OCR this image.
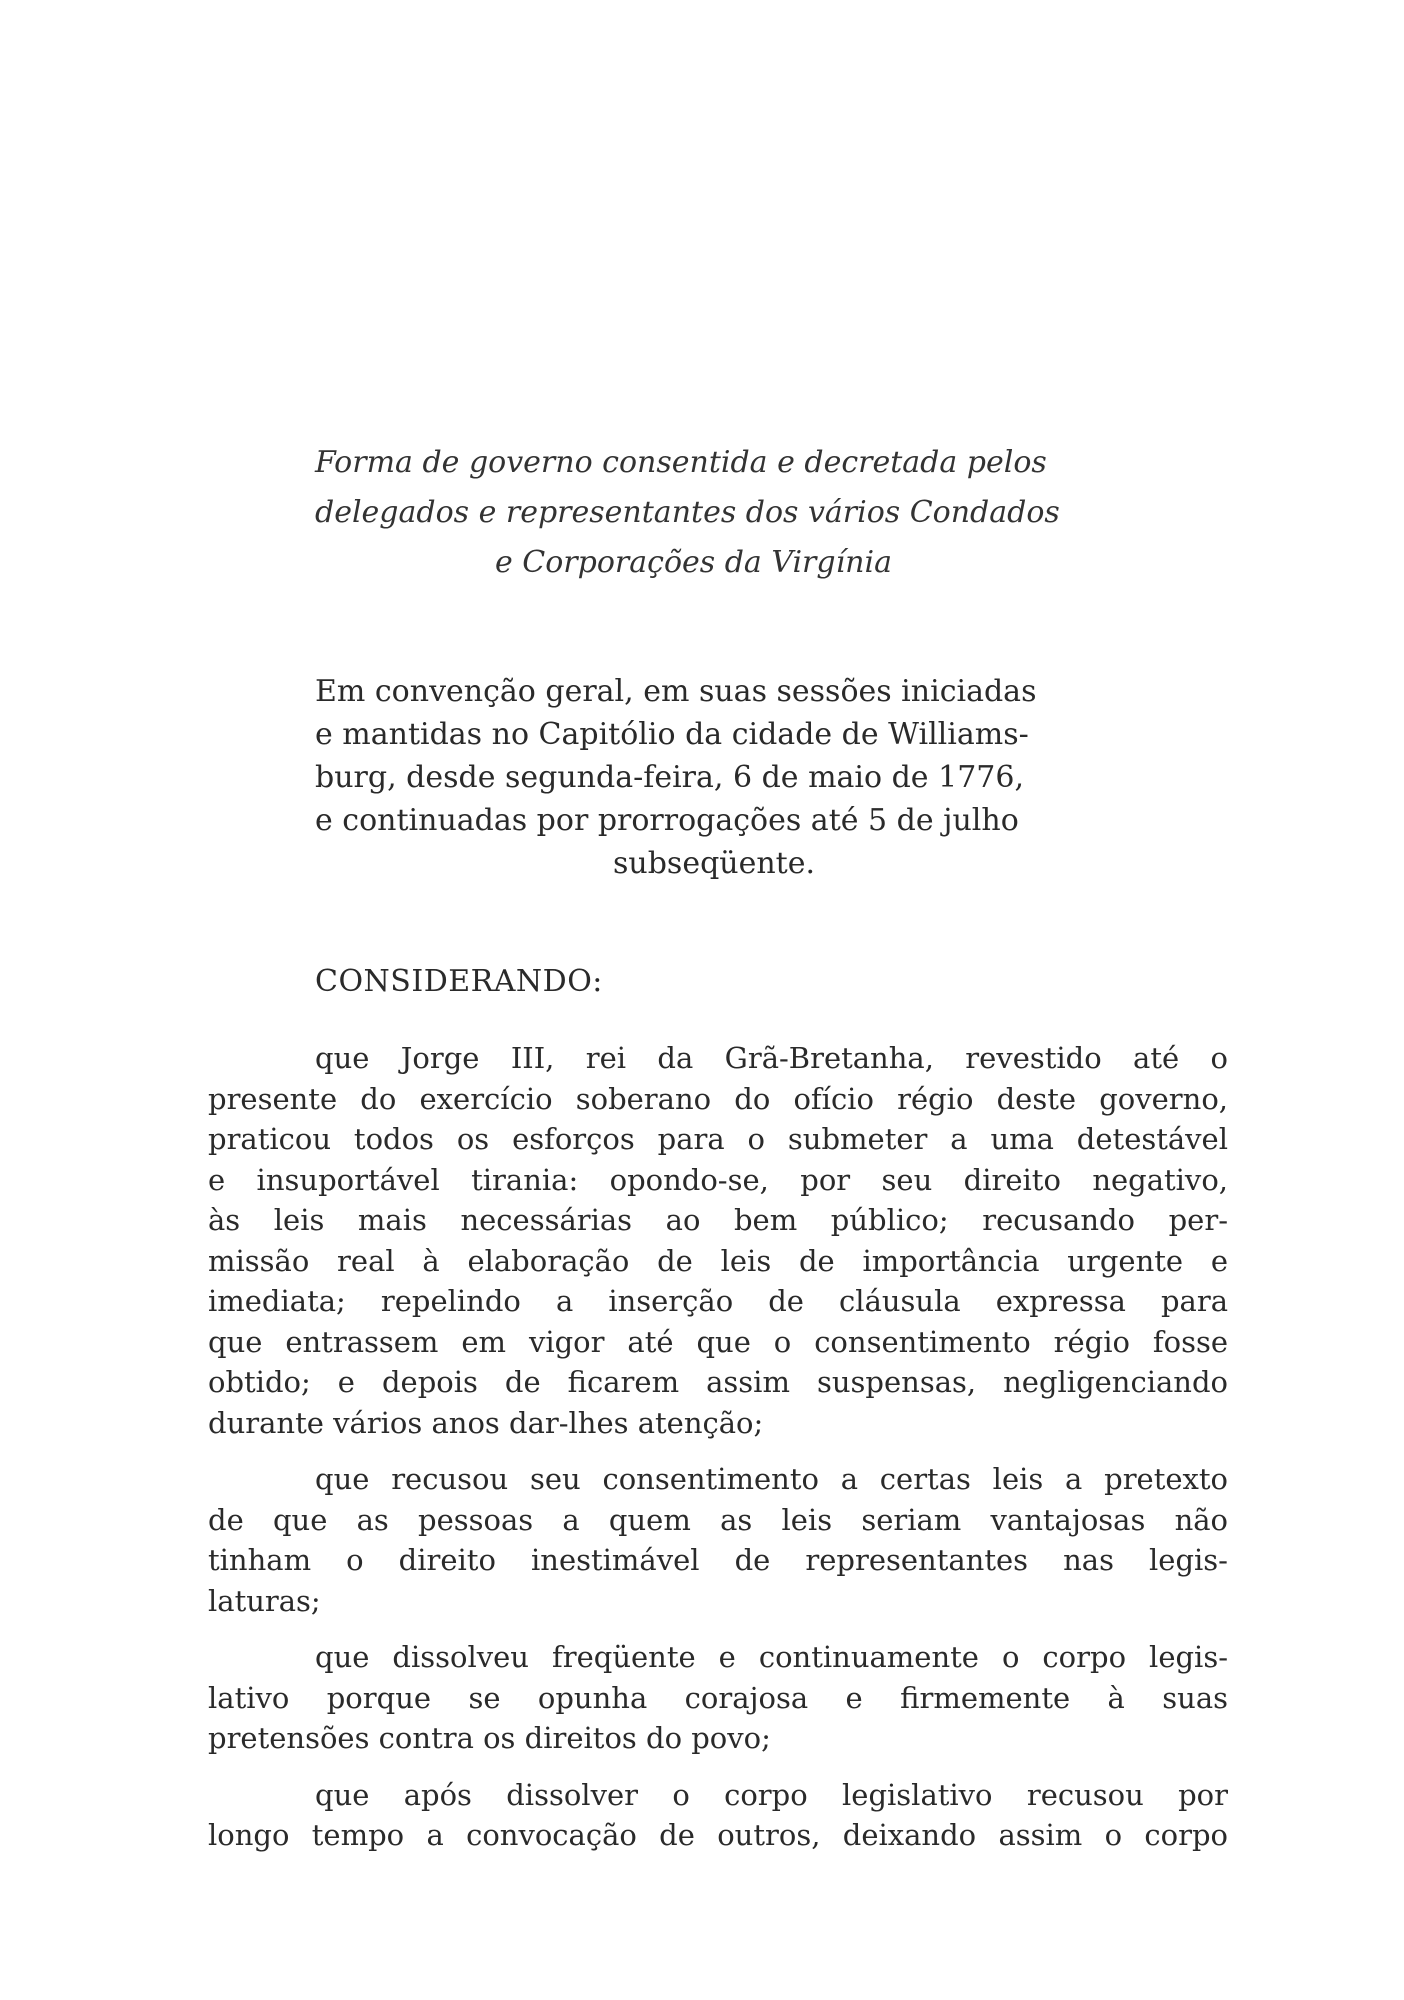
Forma de governo consentida e decretada pelos
delegados e representantes dos vários Condados
e Corporações da Virgínia
Em convenção geral, em suas sessões iniciadas
e mantidas no Capitólio da cidade de Williams-
burg, desde segunda-feira, 6 de maio de 1776,
e continuadas por prorrogações até 5 de julho
subseqüente.
CONSIDERANDO:
que Jorge III, rei da Grã-Bretanha, revestido até o
presente do exercício soberano do ofício régio deste governo,
praticou todos os esforços para o submeter a uma detestável
e insuportável tirania: opondo-se, por seu direito negativo,
às leis mais necessárias ao bem público; recusando per-
missão real à elaboração de leis de importância urgente e
imediata; repelindo a inserção de cláusula expressa para
que entrassem em vigor até que o consentimento régio fosse
obtido; e depois de ficarem assim suspensas, negligenciando
durante vários anos dar-lhes atenção;
que recusou seu consentimento a certas leis a pretexto
de que as pessoas a quem as leis seriam vantajosas não
tinham o direito inestimável de representantes nas legis-
laturas;
que dissolveu freqüente e continuamente o corpo legis-
lativo porque se opunha corajosa e firmemente à suas
pretensões contra os direitos do povo;
que após dissolver o corpo legislativo recusou por
longo tempo a convocação de outros, deixando assim o corpo
